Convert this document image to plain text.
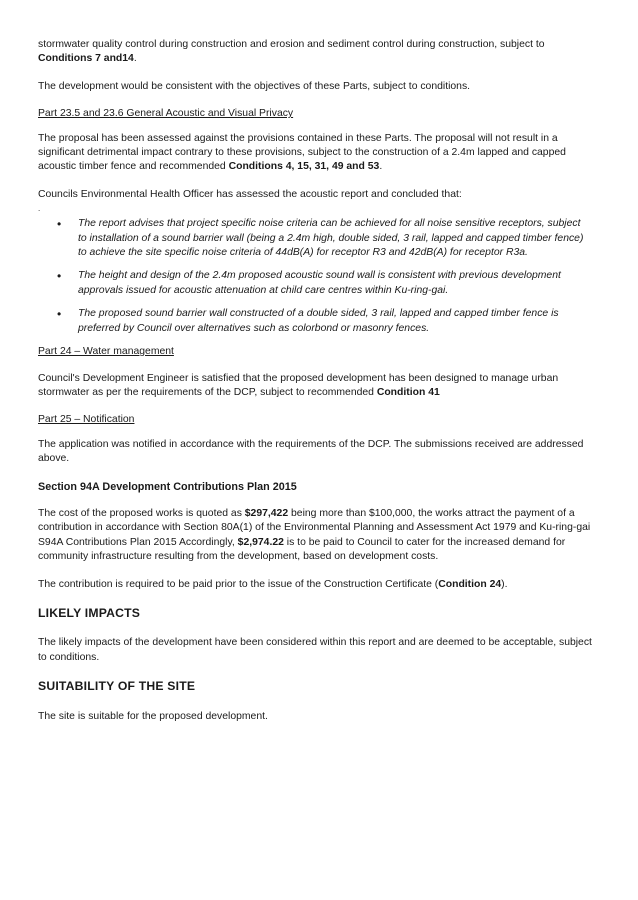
stormwater quality control during construction and erosion and sediment control during construction, subject to Conditions 7 and14.

The development would be consistent with the objectives of these Parts, subject to conditions.

Part 23.5 and 23.6 General Acoustic and Visual Privacy

The proposal has been assessed against the provisions contained in these Parts. The proposal will not result in a significant detrimental impact contrary to these provisions, subject to the construction of a 2.4m lapped and capped acoustic timber fence and recommended Conditions 4, 15, 31, 49 and 53.

Councils Environmental Health Officer has assessed the acoustic report and concluded that:

.
• The report advises that project specific noise criteria can be achieved for all noise sensitive receptors, subject to installation of a sound barrier wall (being a 2.4m high, double sided, 3 rail, lapped and capped timber fence) to achieve the site specific noise criteria of 44dB(A) for receptor R3 and 42dB(A) for receptor R3a.
• The height and design of the 2.4m proposed acoustic sound wall is consistent with previous development approvals issued for acoustic attenuation at child care centres within Ku-ring-gai.
• The proposed sound barrier wall constructed of a double sided, 3 rail, lapped and capped timber fence is preferred by Council over alternatives such as colorbond or masonry fences.

Part 24 – Water management

Council's Development Engineer is satisfied that the proposed development has been designed to manage urban stormwater as per the requirements of the DCP, subject to recommended Condition 41

Part 25 – Notification

The application was notified in accordance with the requirements of the DCP. The submissions received are addressed above.

Section 94A Development Contributions Plan 2015

The cost of the proposed works is quoted as $297,422 being more than $100,000, the works attract the payment of a contribution in accordance with Section 80A(1) of the Environmental Planning and Assessment Act 1979 and Ku-ring-gai S94A Contributions Plan 2015 Accordingly, $2,974.22 is to be paid to Council to cater for the increased demand for community infrastructure resulting from the development, based on development costs.

The contribution is required to be paid prior to the issue of the Construction Certificate (Condition 24).

LIKELY IMPACTS

The likely impacts of the development have been considered within this report and are deemed to be acceptable, subject to conditions.

SUITABILITY OF THE SITE

The site is suitable for the proposed development.
